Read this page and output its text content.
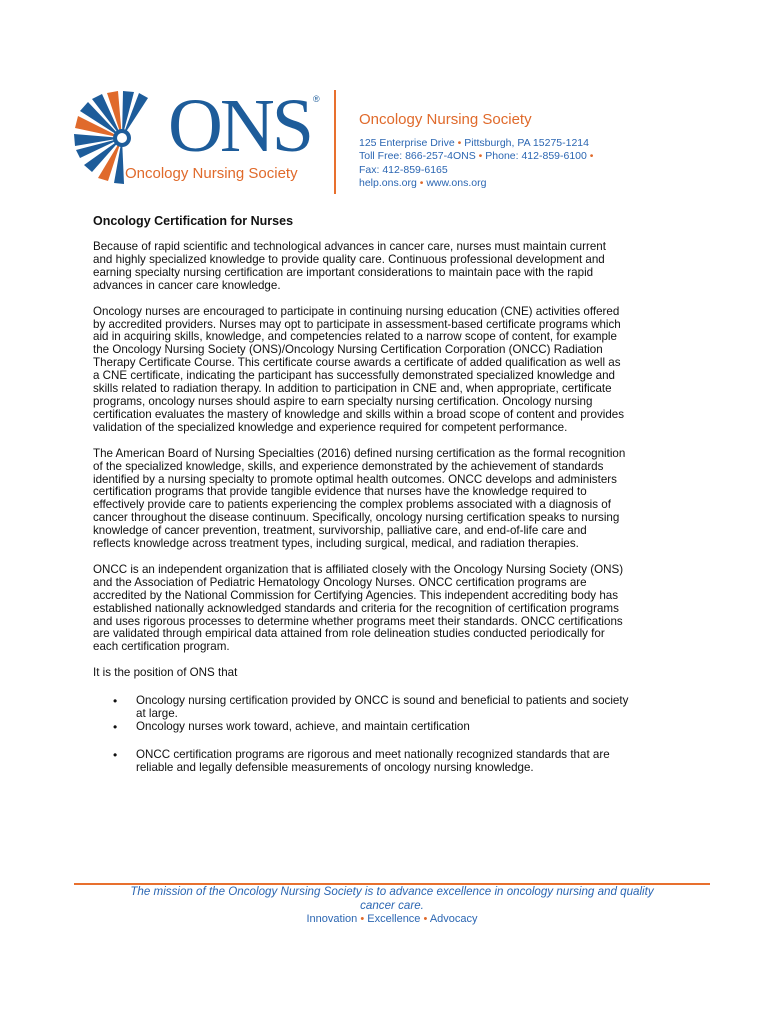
ONS ®
Oncology Nursing Society
Oncology Nursing Society
125 Enterprise Drive • Pittsburgh, PA 15275-1214
Toll Free: 866-257-4ONS • Phone: 412-859-6100 •
Fax: 412-859-6165
help.ons.org • www.ons.org
Oncology Certification for Nurses
Because of rapid scientific and technological advances in cancer care, nurses must maintain current
and highly specialized knowledge to provide quality care. Continuous professional development and
earning specialty nursing certification are important considerations to maintain pace with the rapid
advances in cancer care knowledge.
Oncology nurses are encouraged to participate in continuing nursing education (CNE) activities offered
by accredited providers. Nurses may opt to participate in assessment-based certificate programs which
aid in acquiring skills, knowledge, and competencies related to a narrow scope of content, for example
the Oncology Nursing Society (ONS)/Oncology Nursing Certification Corporation (ONCC) Radiation
Therapy Certificate Course. This certificate course awards a certificate of added qualification as well as
a CNE certificate, indicating the participant has successfully demonstrated specialized knowledge and
skills related to radiation therapy. In addition to participation in CNE and, when appropriate, certificate
programs, oncology nurses should aspire to earn specialty nursing certification. Oncology nursing
certification evaluates the mastery of knowledge and skills within a broad scope of content and provides
validation of the specialized knowledge and experience required for competent performance.
The American Board of Nursing Specialties (2016) defined nursing certification as the formal recognition
of the specialized knowledge, skills, and experience demonstrated by the achievement of standards
identified by a nursing specialty to promote optimal health outcomes. ONCC develops and administers
certification programs that provide tangible evidence that nurses have the knowledge required to
effectively provide care to patients experiencing the complex problems associated with a diagnosis of
cancer throughout the disease continuum. Specifically, oncology nursing certification speaks to nursing
knowledge of cancer prevention, treatment, survivorship, palliative care, and end-of-life care and
reflects knowledge across treatment types, including surgical, medical, and radiation therapies.
ONCC is an independent organization that is affiliated closely with the Oncology Nursing Society (ONS)
and the Association of Pediatric Hematology Oncology Nurses. ONCC certification programs are
accredited by the National Commission for Certifying Agencies. This independent accrediting body has
established nationally acknowledged standards and criteria for the recognition of certification programs
and uses rigorous processes to determine whether programs meet their standards. ONCC certifications
are validated through empirical data attained from role delineation studies conducted periodically for
each certification program.
It is the position of ONS that
• Oncology nursing certification provided by ONCC is sound and beneficial to patients and society
at large.
• Oncology nurses work toward, achieve, and maintain certification
• ONCC certification programs are rigorous and meet nationally recognized standards that are
reliable and legally defensible measurements of oncology nursing knowledge.
The mission of the Oncology Nursing Society is to advance excellence in oncology nursing and quality
cancer care.
Innovation • Excellence • Advocacy
